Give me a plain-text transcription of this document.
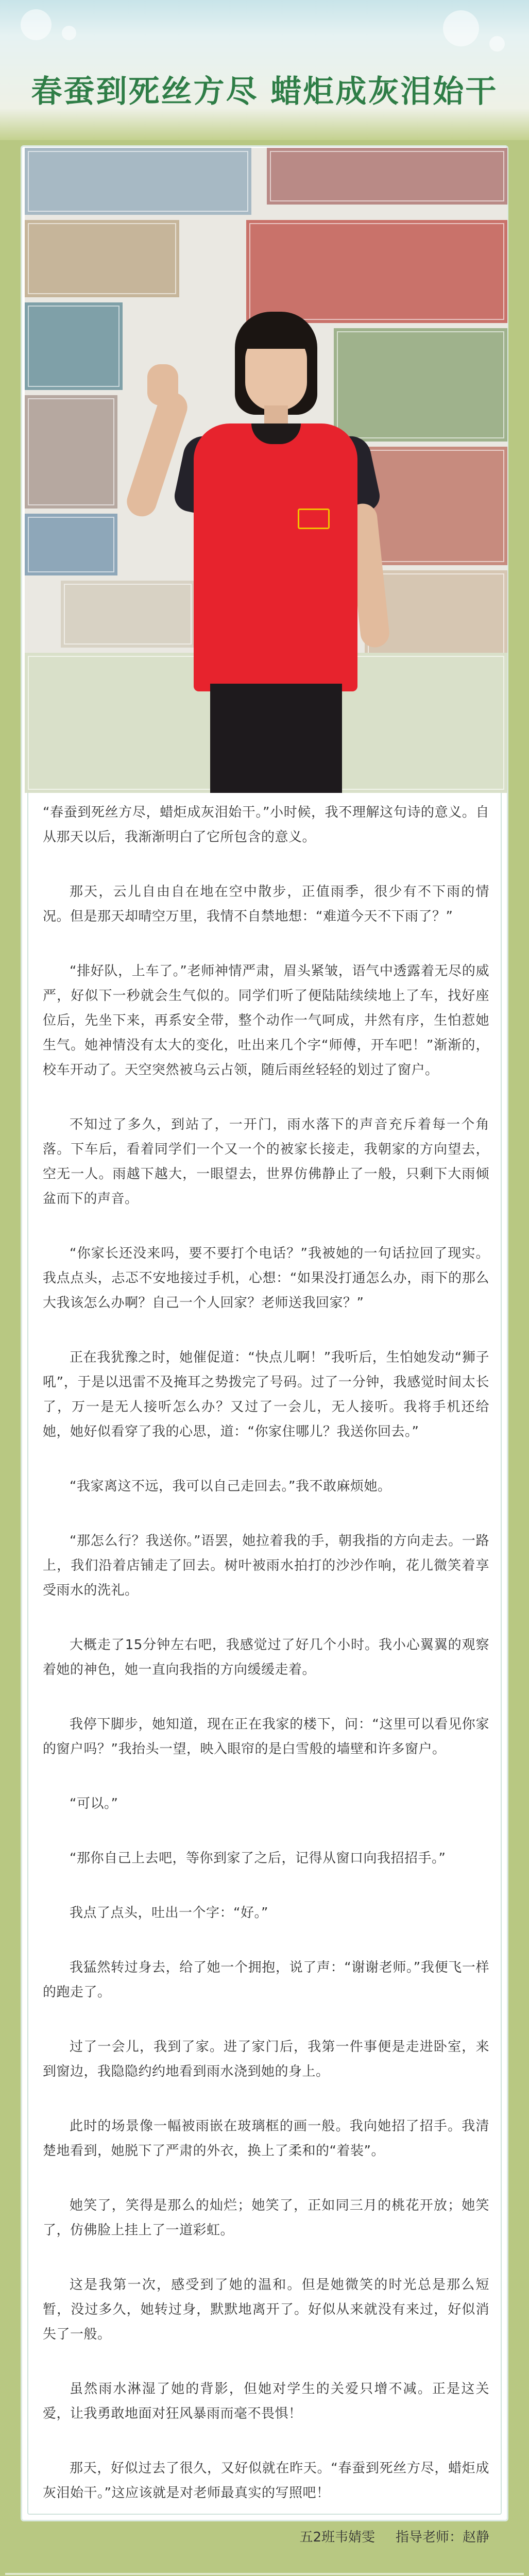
春蚕到死丝方尽 蜡炬成灰泪始干

“春蚕到死丝方尽，蜡炬成灰泪始干。”小时候，我不理解这句诗的意义。自从那天以后，我渐渐明白了它所包含的意义。

那天，云儿自由自在地在空中散步，正值雨季，很少有不下雨的情况。但是那天却晴空万里，我情不自禁地想：“难道今天不下雨了？”

“排好队，上车了。”老师神情严肃，眉头紧皱，语气中透露着无尽的威严，好似下一秒就会生气似的。同学们听了便陆陆续续地上了车，找好座位后，先坐下来，再系安全带，整个动作一气呵成，井然有序，生怕惹她生气。她神情没有太大的变化，吐出来几个字“师傅，开车吧！”渐渐的，校车开动了。天空突然被乌云占领，随后雨丝轻轻的划过了窗户。

不知过了多久，到站了，一开门，雨水落下的声音充斥着每一个角落。下车后，看着同学们一个又一个的被家长接走，我朝家的方向望去，空无一人。雨越下越大，一眼望去，世界仿佛静止了一般，只剩下大雨倾盆而下的声音。

“你家长还没来吗，要不要打个电话？”我被她的一句话拉回了现实。我点点头，忐忑不安地接过手机，心想：“如果没打通怎么办，雨下的那么大我该怎么办啊？自己一个人回家？老师送我回家？”

正在我犹豫之时，她催促道：“快点儿啊！”我听后，生怕她发动“狮子吼”，于是以迅雷不及掩耳之势拨完了号码。过了一分钟，我感觉时间太长了，万一是无人接听怎么办？又过了一会儿，无人接听。我将手机还给她，她好似看穿了我的心思，道：“你家住哪儿？我送你回去。”

“我家离这不远，我可以自己走回去。”我不敢麻烦她。

“那怎么行？我送你。”语罢，她拉着我的手，朝我指的方向走去。一路上，我们沿着店铺走了回去。树叶被雨水拍打的沙沙作响，花儿微笑着享受雨水的洗礼。

大概走了15分钟左右吧，我感觉过了好几个小时。我小心翼翼的观察着她的神色，她一直向我指的方向缓缓走着。

我停下脚步，她知道，现在正在我家的楼下，问：“这里可以看见你家的窗户吗？”我抬头一望，映入眼帘的是白雪般的墙壁和许多窗户。

“可以。”

“那你自己上去吧，等你到家了之后，记得从窗口向我招招手。”

我点了点头，吐出一个字：“好。”

我猛然转过身去，给了她一个拥抱，说了声：“谢谢老师。”我便飞一样的跑走了。

过了一会儿，我到了家。进了家门后，我第一件事便是走进卧室，来到窗边，我隐隐约约地看到雨水浇到她的身上。

此时的场景像一幅被雨嵌在玻璃框的画一般。我向她招了招手。我清楚地看到，她脱下了严肃的外衣，换上了柔和的“着装”。

她笑了，笑得是那么的灿烂；她笑了，正如同三月的桃花开放；她笑了，仿佛脸上挂上了一道彩虹。

这是我第一次，感受到了她的温和。但是她微笑的时光总是那么短暂，没过多久，她转过身，默默地离开了。好似从来就没有来过，好似消失了一般。

虽然雨水淋湿了她的背影，但她对学生的关爱只增不减。正是这关爱，让我勇敢地面对狂风暴雨而毫不畏惧！

那天，好似过去了很久，又好似就在昨天。“春蚕到死丝方尽，蜡炬成灰泪始干。”这应该就是对老师最真实的写照吧！

五2班韦婧雯 指导老师：赵静
